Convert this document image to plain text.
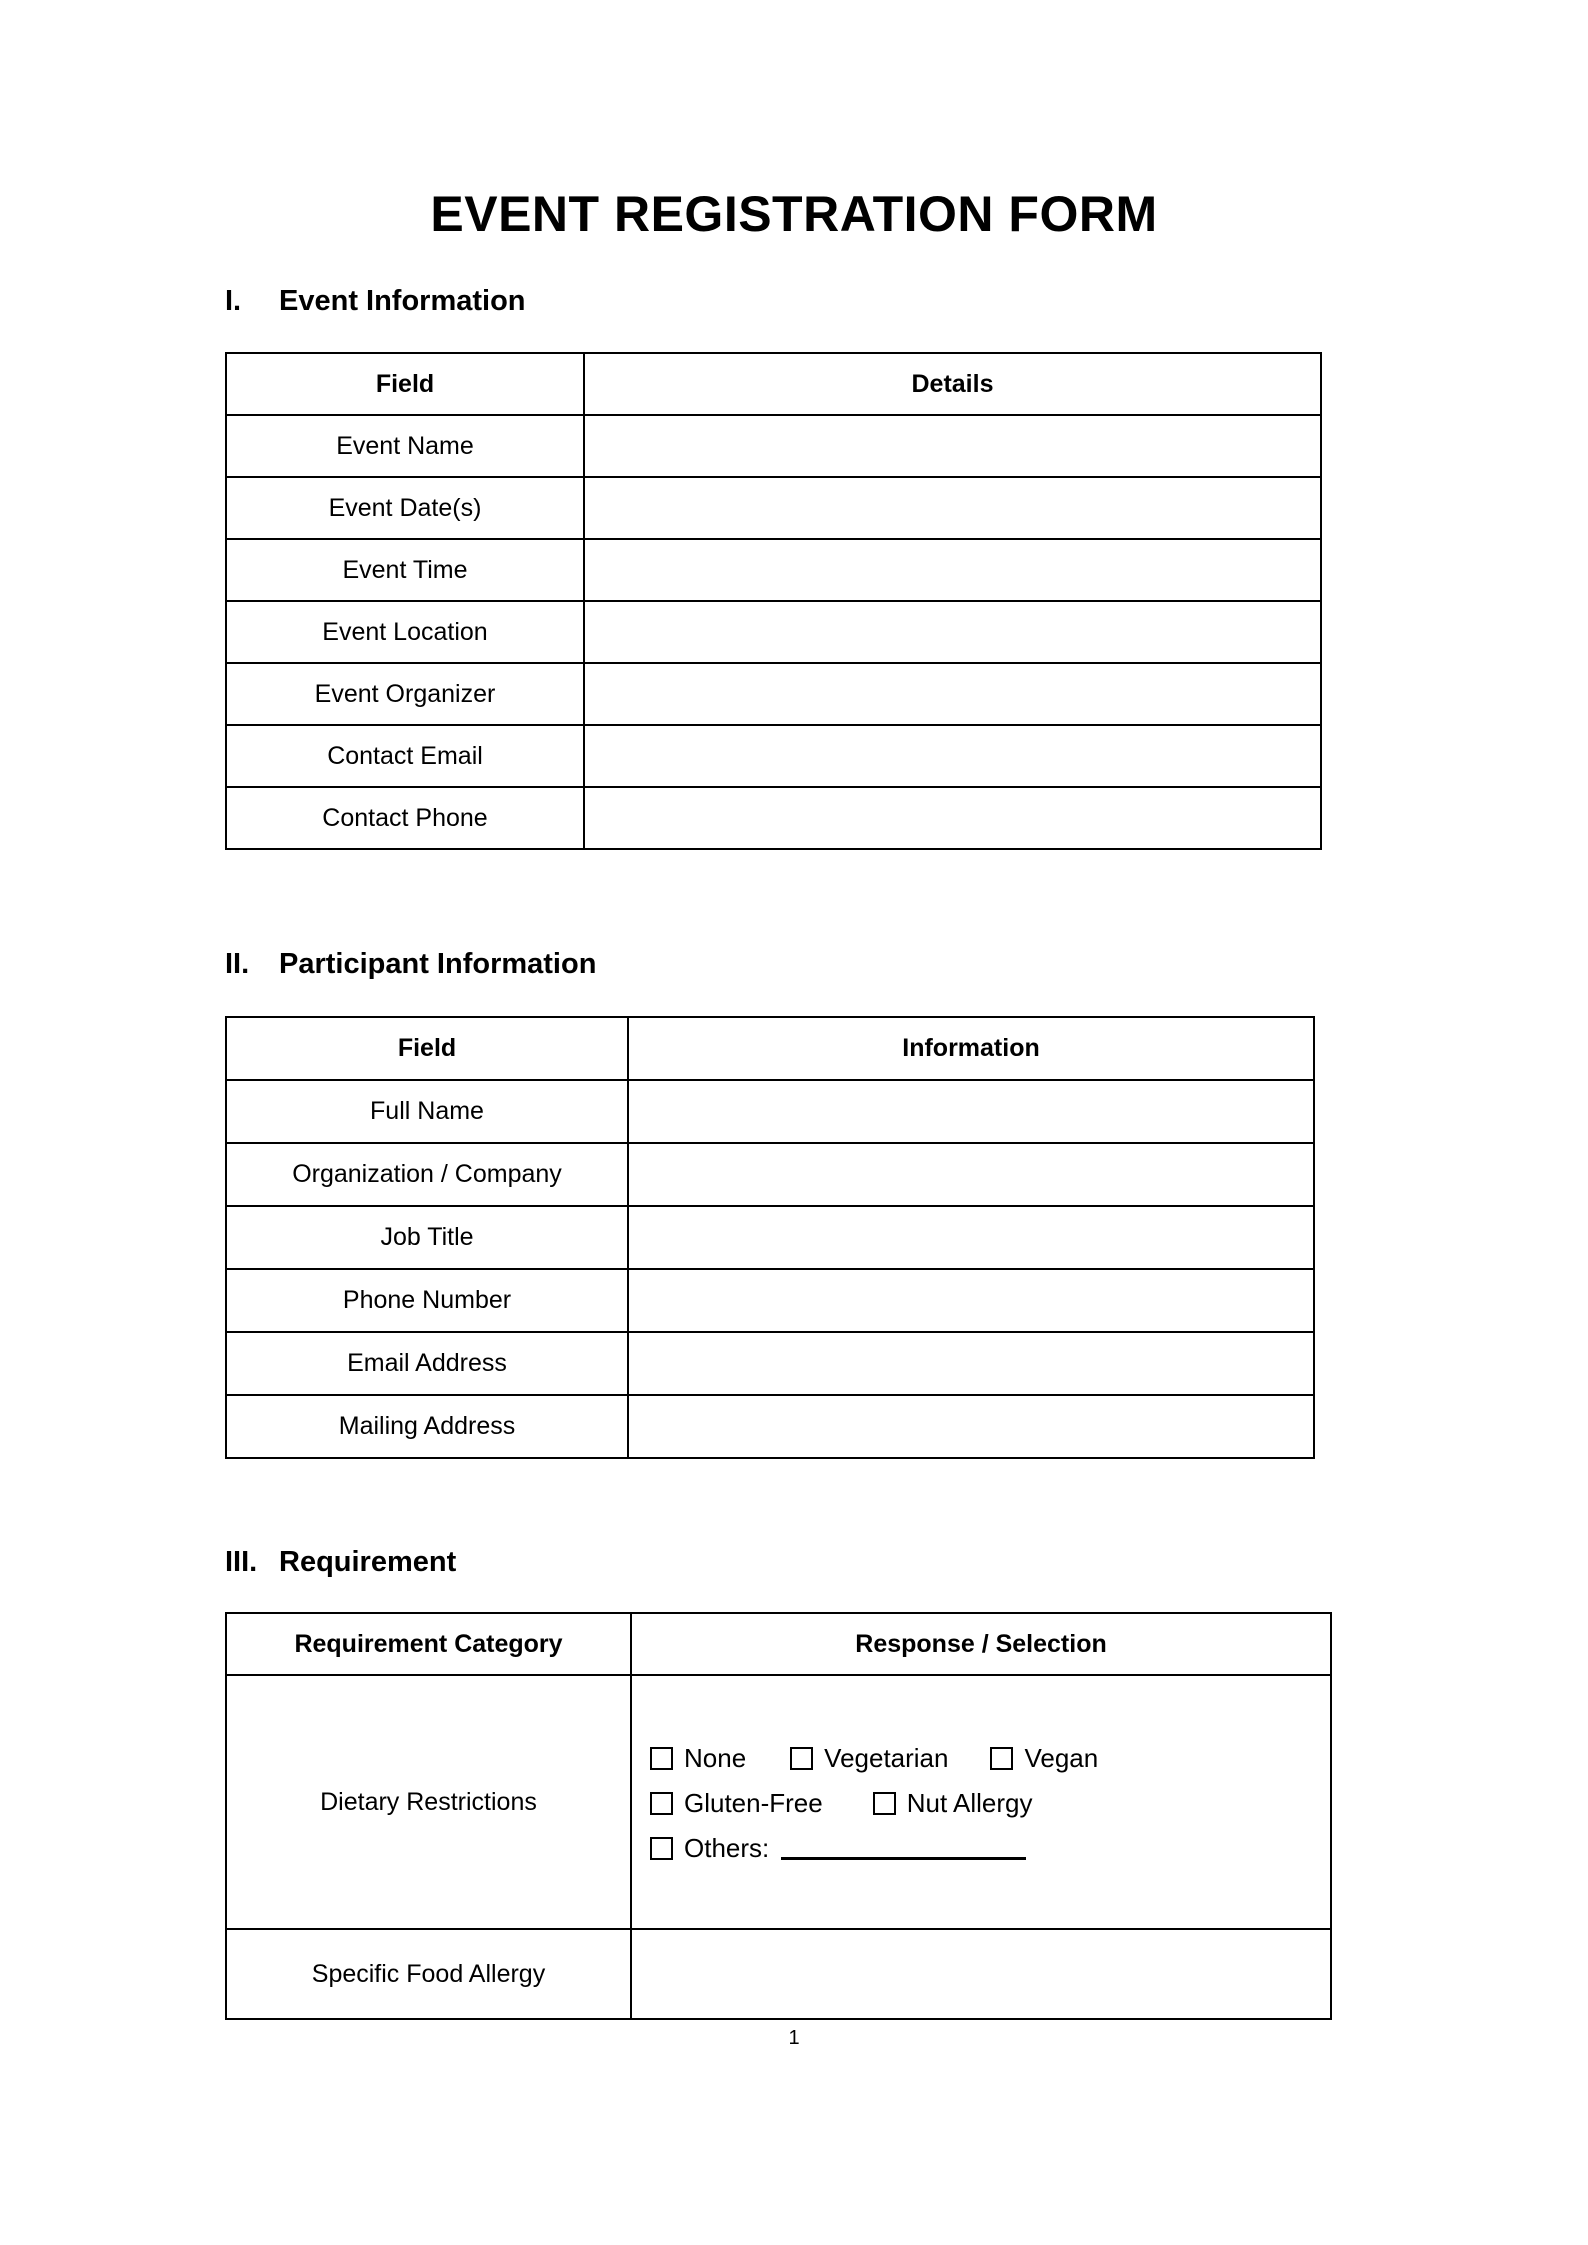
EVENT REGISTRATION FORM
I. Event Information
Field	Details
Event Name	
Event Date(s)	
Event Time	
Event Location	
Event Organizer	
Contact Email	
Contact Phone	
II. Participant Information
Field	Information
Full Name	
Organization / Company	
Job Title	
Phone Number	
Email Address	
Mailing Address	
III. Requirement
Requirement Category	Response / Selection
Dietary Restrictions	
None	Vegetarian	Vegan
Gluten-Free	Nut Allergy
Others:

Specific Food Allergy	
1
